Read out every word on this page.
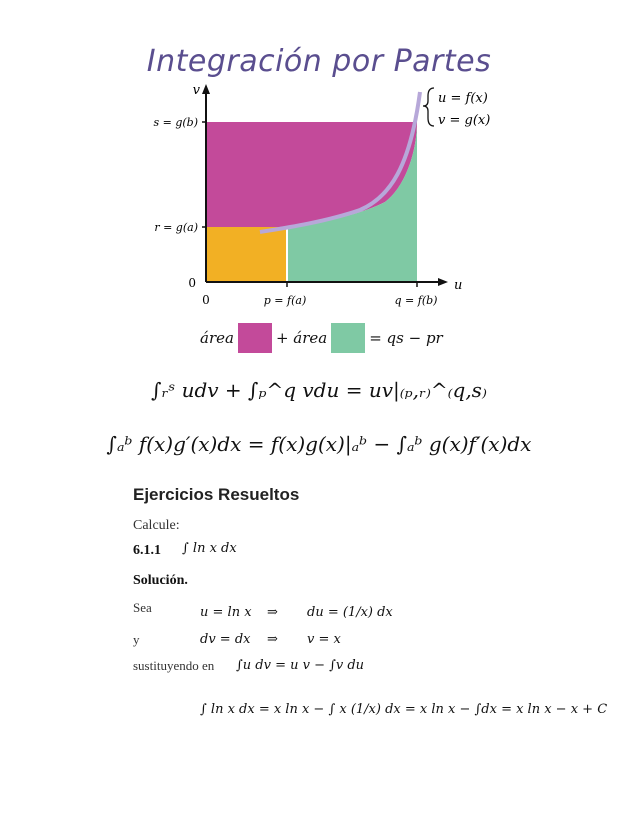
Integración por Partes
v
u
s = g(b)
r = g(a)
0
0	p = f(a)	q = f(b)
u = f(x)
v = g(x)
área	+ área	= qs − pr
∫ᵣˢ udv + ∫ₚ^q vdu = uv|₍ₚ,ᵣ₎^₍q,s₎
∫ₐᵇ f(x)g′(x)dx = f(x)g(x)|ₐᵇ − ∫ₐᵇ g(x)f′(x)dx
Ejercicios Resueltos
Calcule:
6.1.1 ∫ ln x dx
Solución.
Sea	u = ln x ⇒ du = (1/x) dx
y	dv = dx ⇒ v = x
sustituyendo en ∫u dv = u v − ∫v du
∫ ln x dx = x ln x − ∫ x (1/x) dx = x ln x − ∫dx = x ln x − x + C
